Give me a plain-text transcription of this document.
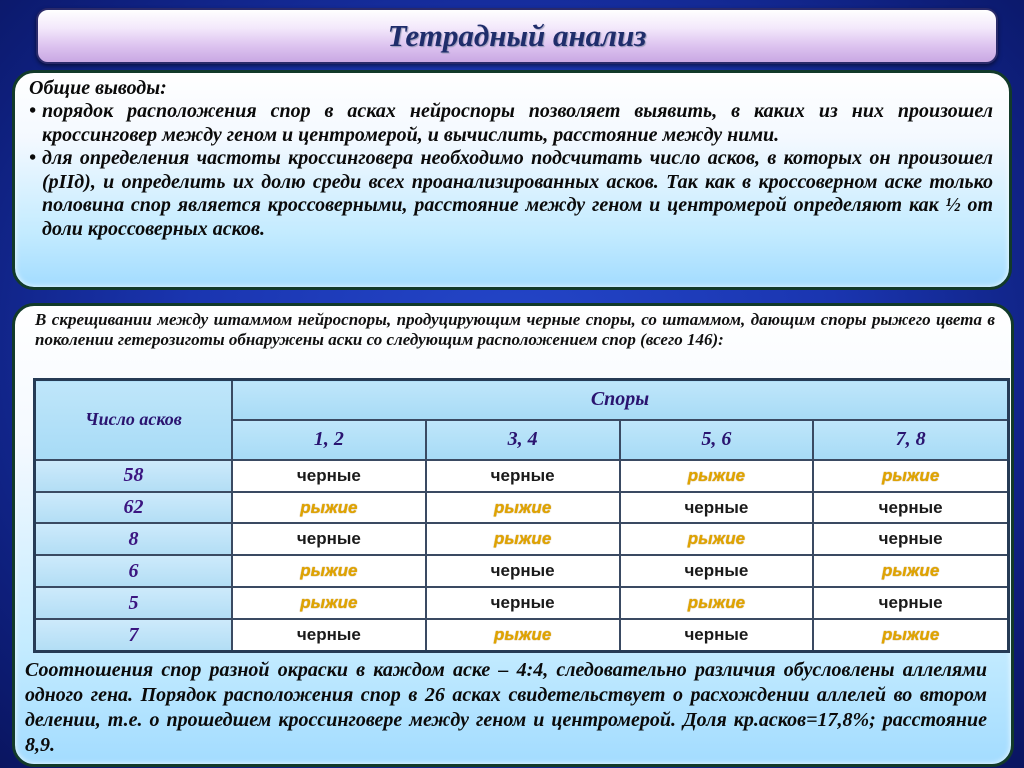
Тетрадный анализ
Общие выводы:
• порядок расположения спор в асках нейроспоры позволяет выявить, в каких из них произошел кроссинговер между геном и центромерой, и вычислить, расстояние между ними.
• для определения частоты кроссинговера необходимо подсчитать число асков, в которых он произошел (рIIд), и определить их долю среди всех проанализированных асков. Так как в кроссоверном аске только половина спор является кроссоверными, расстояние между геном и центромерой определяют как ½ от доли кроссоверных асков.
В скрещивании между штаммом нейроспоры, продуцирующим черные споры, со штаммом, дающим споры рыжего цвета в поколении гетерозиготы обнаружены аски со следующим расположением спор (всего 146):
Число асков	Споры			
	1, 2	3, 4	5, 6	7, 8
58	черные	черные	рыжие	рыжие
62	рыжие	рыжие	черные	черные
8	черные	рыжие	рыжие	черные
6	рыжие	черные	черные	рыжие
5	рыжие	черные	рыжие	черные
7	черные	рыжие	черные	рыжие
Соотношения спор разной окраски в каждом аске – 4:4, следовательно различия обусловлены аллелями одного гена. Порядок расположения спор в 26 асках свидетельствует о расхождении аллелей во втором делении, т.е. о прошедшем кроссинговере между геном и центромерой. Доля кр.асков=17,8%; расстояние 8,9.
